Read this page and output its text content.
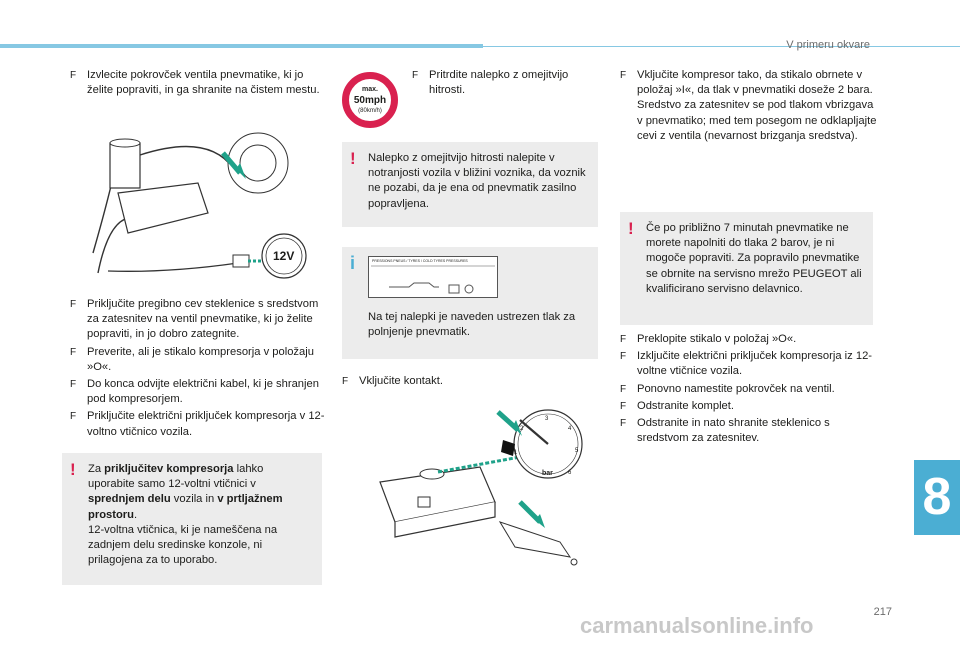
V primeru okvare
8
217
carmanualsonline.info
F Izvlecite pokrovček ventila pnevmatike, ki jo želite popraviti, in ga shranite na čistem mestu.
12V
F Priključite pregibno cev steklenice s sredstvom za zatesnitev na ventil pnevmatike, ki jo želite popraviti, in jo dobro zategnite.
F Preverite, ali je stikalo kompresorja v položaju »O«.
F Do konca odvijte električni kabel, ki je shranjen pod kompresorjem.
F Priključite električni priključek kompresorja v 12-voltno vtičnico vozila.
! Za priključitev kompresorja lahko uporabite samo 12-voltni vtičnici v sprednjem delu vozila in v prtljažnem prostoru.

12-voltna vtičnica, ki je nameščena na zadnjem delu sredinske konzole, ni prilagojena za to uporabo.

max.
50mph
(80km/h)
F Pritrdite nalepko z omejitvijo hitrosti.
! Nalepko z omejitvijo hitrosti nalepite v notranjosti vozila v bližini voznika, da voznik ne pozabi, da je ena od pnevmatik zasilno popravljena.

i	PRESSIONS PNEUS / TYRES / COLD TYRES PRESSURES

Na tej nalepki je naveden ustrezen tlak za polnjenje pnevmatik.

F Vključite kontakt.
bar
1
2
3
4
5
6
F Vključite kompresor tako, da stikalo obrnete v položaj »I«, da tlak v pnevmatiki doseže 2 bara. Sredstvo za zatesnitev se pod tlakom vbrizgava v pnevmatiko; med tem posegom ne odklapljajte cevi z ventila (nevarnost brizganja sredstva).
! Če po približno 7 minutah pnevmatike ne morete napolniti do tlaka 2 barov, je ni mogoče popraviti. Za popravilo pnevmatike se obrnite na servisno mrežo PEUGEOT ali kvalificirano servisno delavnico.

F Preklopite stikalo v položaj »O«.
F Izklјučite električni priključek kompresorja iz 12-voltne vtičnice vozila.
F Ponovno namestite pokrovček na ventil.
F Odstranite komplet.
F Odstranite in nato shranite steklenico s sredstvom za zatesnitev.
